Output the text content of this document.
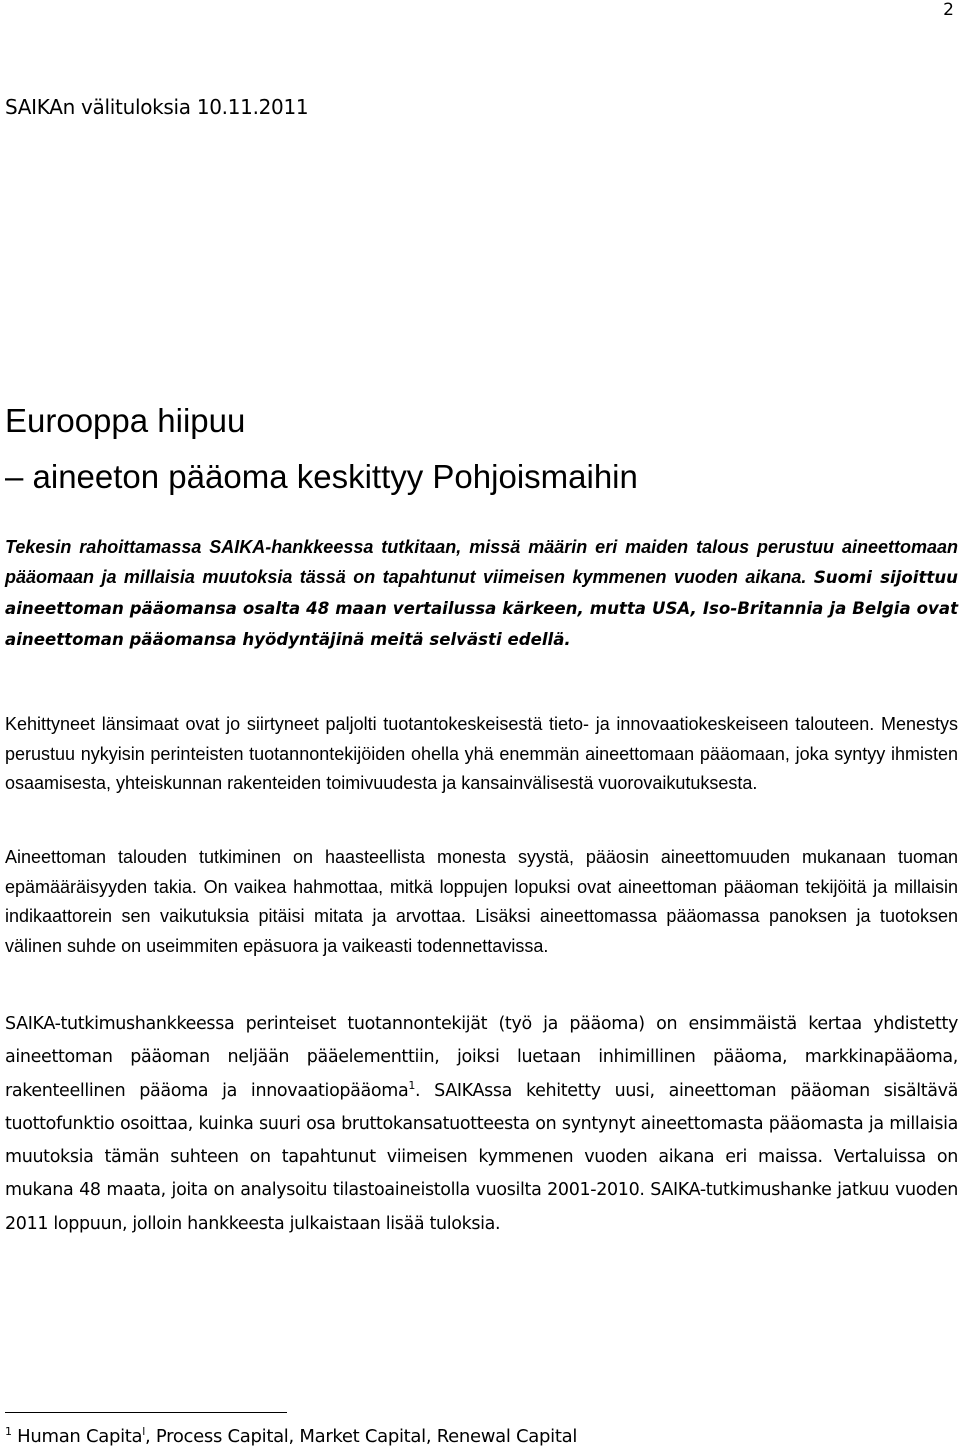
2
SAIKAn välituloksia 10.11.2011
Eurooppa hiipuu
– aineeton pääoma keskittyy Pohjoismaihin

Tekesin rahoittamassa SAIKA-hankkeessa tutkitaan, missä määrin eri maiden talous perustuu aineettomaan pääomaan ja millaisia muutoksia tässä on tapahtunut viimeisen kymmenen vuoden aikana. Suomi sijoittuu aineettoman pääomansa osalta 48 maan vertailussa kärkeen, mutta USA, Iso-Britannia ja Belgia ovat aineettoman pääomansa hyödyntäjinä meitä selvästi edellä.

Kehittyneet länsimaat ovat jo siirtyneet paljolti tuotantokeskeisestä tieto- ja innovaatiokeskeiseen talouteen. Menestys perustuu nykyisin perinteisten tuotannontekijöiden ohella yhä enemmän aineettomaan pääomaan, joka syntyy ihmisten osaamisesta, yhteiskunnan rakenteiden toimivuudesta ja kansainvälisestä vuorovaikutuksesta.

Aineettoman talouden tutkiminen on haasteellista monesta syystä, pääosin aineettomuuden mukanaan tuoman epämääräisyyden takia. On vaikea hahmottaa, mitkä loppujen lopuksi ovat aineettoman pääoman tekijöitä ja millaisin indikaattorein sen vaikutuksia pitäisi mitata ja arvottaa. Lisäksi aineettomassa pääomassa panoksen ja tuotoksen välinen suhde on useimmiten epäsuora ja vaikeasti todennettavissa.

SAIKA-tutkimushankkeessa perinteiset tuotannontekijät (työ ja pääoma) on ensimmäistä kertaa yhdistetty aineettoman pääoman neljään pääelementtiin, joiksi luetaan inhimillinen pääoma, markkinapääoma, rakenteellinen pääoma ja innovaatiopääoma$^1$. SAIKAssa kehitetty uusi, aineettoman pääoman sisältävä tuottofunktio osoittaa, kuinka suuri osa bruttokansatuotteesta on syntynyt aineettomasta pääomasta ja millaisia muutoksia tämän suhteen on tapahtunut viimeisen kymmenen vuoden aikana eri maissa. Vertaluissa on mukana 48 maata, joita on analysoitu tilastoaineistolla vuosilta 2001-2010. SAIKA-tutkimushanke jatkuu vuoden 2011 loppuun, jolloin hankkeesta julkaistaan lisää tuloksia.

$^1$ Human Capita$^l$, Process Capital, Market Capital, Renewal Capital
